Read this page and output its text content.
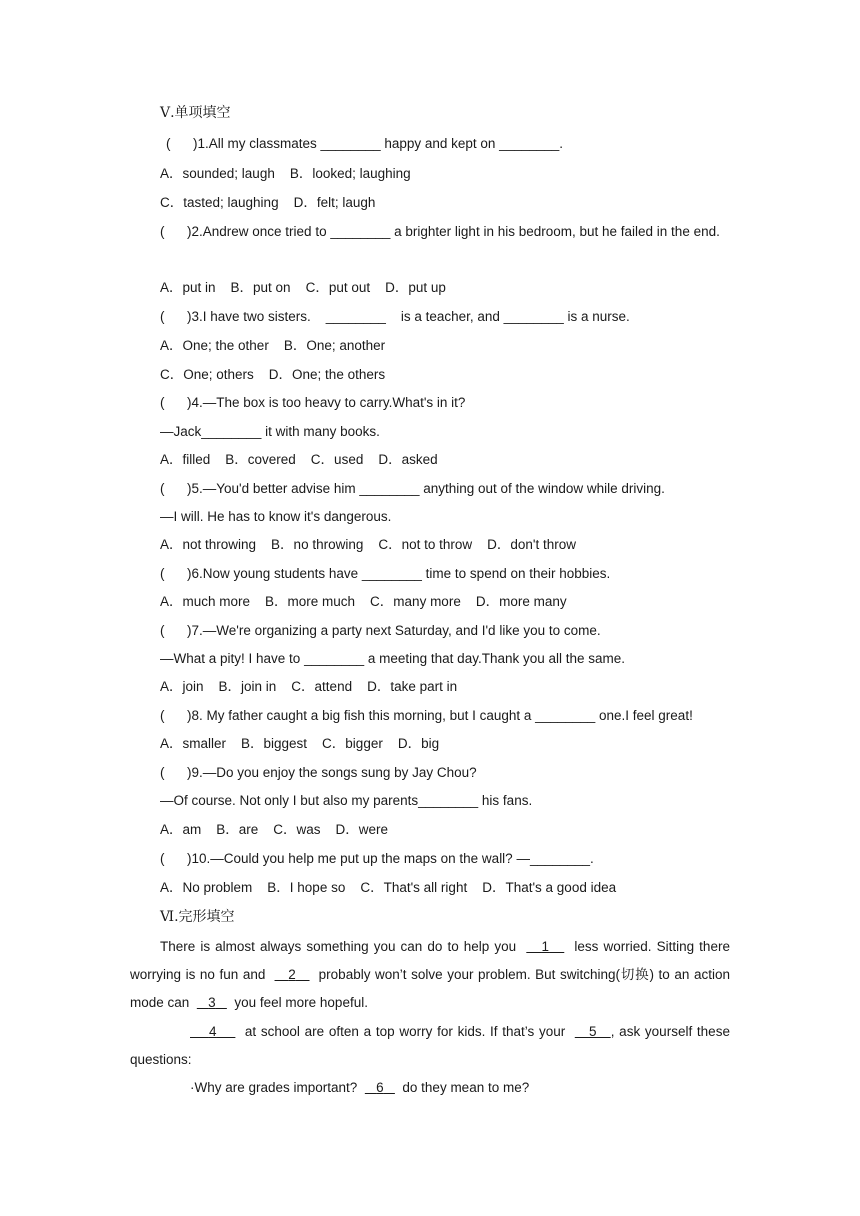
Ⅴ.单项填空
(      )1.All my classmates ________ happy and kept on ________.
A．sounded; laugh    B．looked; laughing
C．tasted; laughing    D．felt; laugh
(      )2.Andrew once tried to ________ a brighter light in his bedroom, but he failed in the end.
A．put in    B．put on    C．put out    D．put up
(      )3.I have two sisters.    ________    is a teacher, and ________ is a nurse.
A．One; the other    B．One; another
C．One; others    D．One; the others
(      )4.—The box is too heavy to carry.What's in it?
—Jack________ it with many books.
A．filled    B．covered    C．used    D．asked
(      )5.—You'd better advise him ________ anything out of the window while driving.
—I will. He has to know it's dangerous.
A．not throwing    B．no throwing    C．not to throw    D．don't throw
(      )6.Now young students have ________ time to spend on their hobbies.
A．much more    B．more much    C．many more    D．more many
(      )7.—We're organizing a party next Saturday, and I'd like you to come.
—What a pity! I have to ________ a meeting that day.Thank you all the same.
A．join    B．join in    C．attend    D．take part in
(      )8. My father caught a big fish this morning, but I caught a ________ one.I feel great!
A．smaller    B．biggest    C．bigger    D．big
(      )9.—Do you enjoy the songs sung by Jay Chou?
—Of course. Not only I but also my parents________ his fans.
A．am    B．are    C．was    D．were
(      )10.—Could you help me put up the maps on the wall? —________.
A．No problem    B．I hope so    C．That's all right    D．That's a good idea
Ⅵ.完形填空
There is almost always something you can do to help you 1 less worried. Sitting there worrying is no fun and 2 probably won’t solve your problem. But switching(切换) to an action mode can 3 you feel more hopeful.
4 at school are often a top worry for kids. If that’s your 5 , ask yourself these questions:
·Why are grades important? 6 do they mean to me?
